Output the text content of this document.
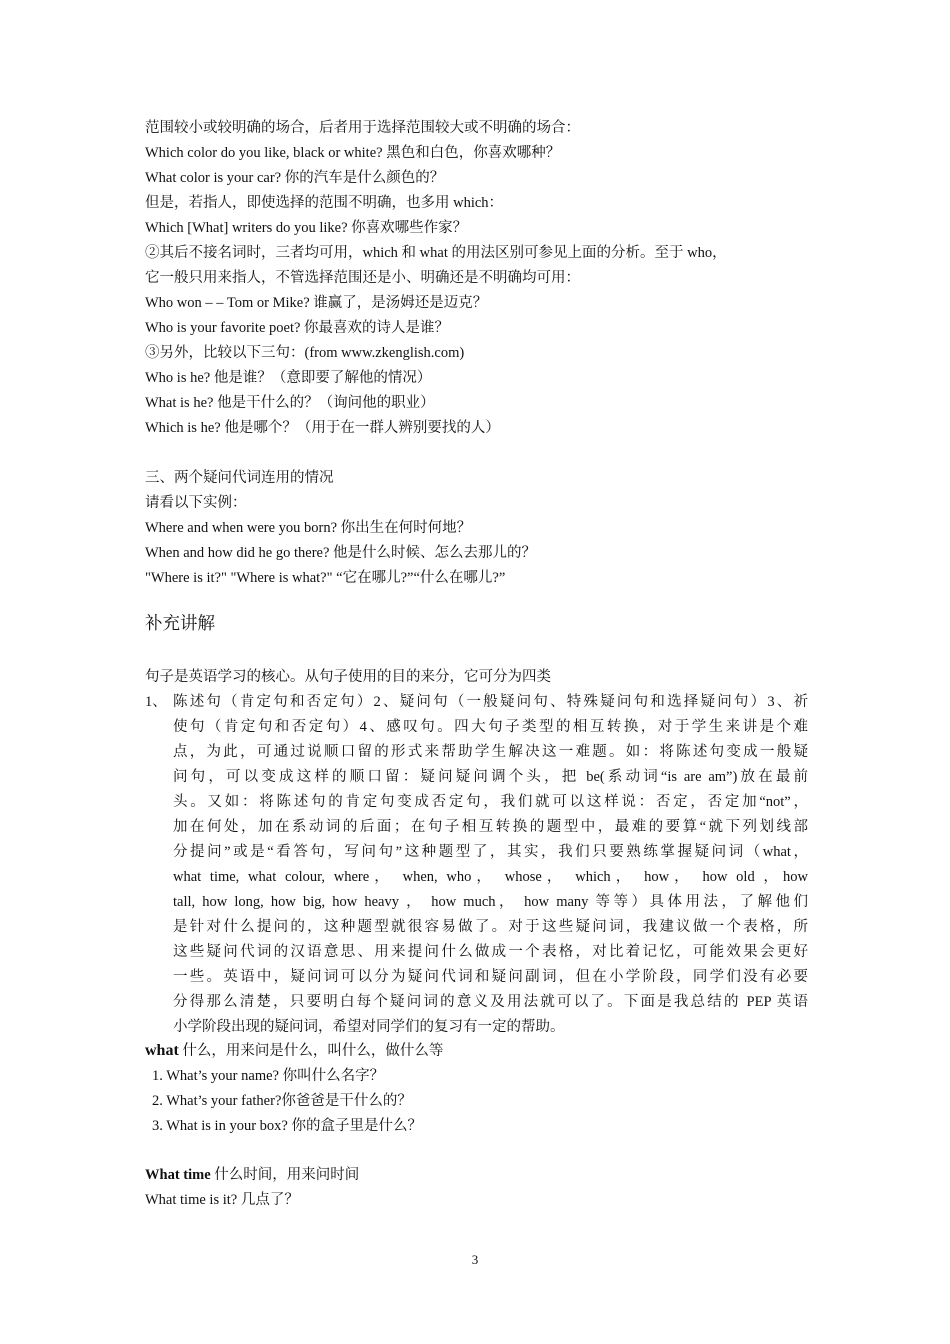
范围较小或较明确的场合，后者用于选择范围较大或不明确的场合：
Which color do you like, black or white? 黑色和白色，你喜欢哪种？
What color is your car? 你的汽车是什么颜色的？
但是，若指人，即使选择的范围不明确，也多用 which：
Which [What] writers do you like? 你喜欢哪些作家？
②其后不接名词时，三者均可用，which 和 what 的用法区别可参见上面的分析。至于 who，
它一般只用来指人，不管选择范围还是小、明确还是不明确均可用：
Who won – – Tom or Mike? 谁赢了，是汤姆还是迈克？
Who is your favorite poet? 你最喜欢的诗人是谁？
③另外，比较以下三句：(from www.zkenglish.com)
Who is he? 他是谁？（意即要了解他的情况）
What is he? 他是干什么的？（询问他的职业）
Which is he? 他是哪个？（用于在一群人辨别要找的人）
三、两个疑问代词连用的情况
请看以下实例：
Where and when were you born? 你出生在何时何地？
When and how did he go there? 他是什么时候、怎么去那儿的？
"Where is it?" "Where is what?" “它在哪儿?”“什么在哪儿?”
补充讲解
句子是英语学习的核心。从句子使用的目的来分，它可分为四类
1、 陈述句（肯定句和否定句）2、疑问句（一般疑问句、特殊疑问句和选择疑问句）3、祈
使句（肯定句和否定句）4、感叹句。四大句子类型的相互转换，对于学生来讲是个难
点，为此，可通过说顺口留的形式来帮助学生解决这一难题。如：将陈述句变成一般疑
问句，可以变成这样的顺口留：疑问疑问调个头，把 be(系动词“is are am”)放在最前
头。又如：将陈述句的肯定句变成否定句，我们就可以这样说：否定，否定加“not”，
加在何处，加在系动词的后面；在句子相互转换的题型中，最难的要算“就下列划线部
分提问”或是“看答句，写问句”这种题型了，其实，我们只要熟练掌握疑问词（what，
what time, what colour, where， when, who， whose， which， how， how old ，how
tall, how long, how big, how heavy ， how much， how many 等等）具体用法，了解他们
是针对什么提问的，这种题型就很容易做了。对于这些疑问词，我建议做一个表格，所
这些疑问代词的汉语意思、用来提问什么做成一个表格，对比着记忆，可能效果会更好
一些。英语中，疑问词可以分为疑问代词和疑问副词，但在小学阶段，同学们没有必要
分得那么清楚，只要明白每个疑问词的意义及用法就可以了。下面是我总结的 PEP 英语
小学阶段出现的疑问词，希望对同学们的复习有一定的帮助。
what 什么，用来问是什么，叫什么，做什么等
1. What’s your name? 你叫什么名字？
2. What’s your father?你爸爸是干什么的？
3. What is in your box? 你的盒子里是什么？
What time 什么时间，用来问时间
What time is it? 几点了？
3
